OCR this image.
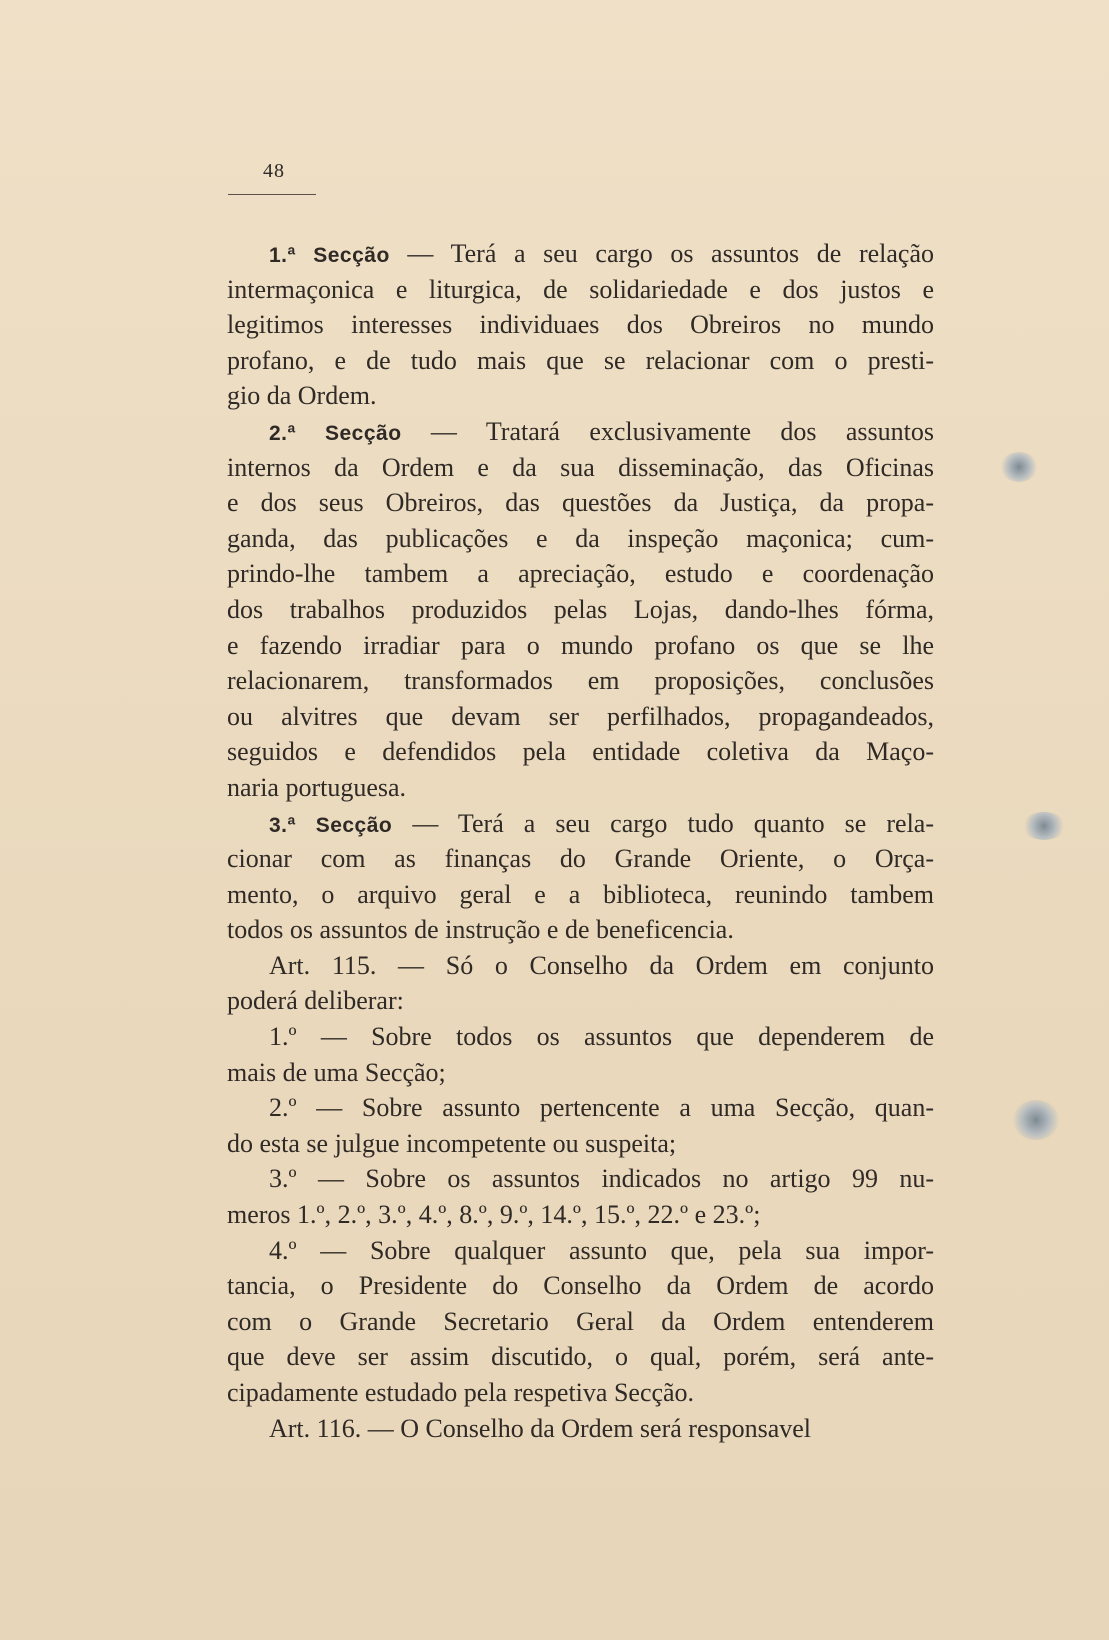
48
1.ª Secção — Terá a seu cargo os assuntos de relação
intermaçonica e liturgica, de solidariedade e dos justos e
legitimos interesses individuaes dos Obreiros no mundo
profano, e de tudo mais que se relacionar com o presti-
gio da Ordem.
2.ª Secção — Tratará exclusivamente dos assuntos
internos da Ordem e da sua disseminação, das Oficinas
e dos seus Obreiros, das questões da Justiça, da propa-
ganda, das publicações e da inspeção maçonica; cum-
prindo-lhe tambem a apreciação, estudo e coordenação
dos trabalhos produzidos pelas Lojas, dando-lhes fórma,
e fazendo irradiar para o mundo profano os que se lhe
relacionarem, transformados em proposições, conclusões
ou alvitres que devam ser perfilhados, propagandeados,
seguidos e defendidos pela entidade coletiva da Maço-
naria portuguesa.
3.ª Secção — Terá a seu cargo tudo quanto se rela-
cionar com as finanças do Grande Oriente, o Orça-
mento, o arquivo geral e a biblioteca, reunindo tambem
todos os assuntos de instrução e de beneficencia.
Art. 115. — Só o Conselho da Ordem em conjunto
poderá deliberar:
1.º — Sobre todos os assuntos que dependerem de
mais de uma Secção;
2.º — Sobre assunto pertencente a uma Secção, quan-
do esta se julgue incompetente ou suspeita;
3.º — Sobre os assuntos indicados no artigo 99 nu-
meros 1.º, 2.º, 3.º, 4.º, 8.º, 9.º, 14.º, 15.º, 22.º e 23.º;
4.º — Sobre qualquer assunto que, pela sua impor-
tancia, o Presidente do Conselho da Ordem de acordo
com o Grande Secretario Geral da Ordem entenderem
que deve ser assim discutido, o qual, porém, será ante-
cipadamente estudado pela respetiva Secção.
Art. 116. — O Conselho da Ordem será responsavel
